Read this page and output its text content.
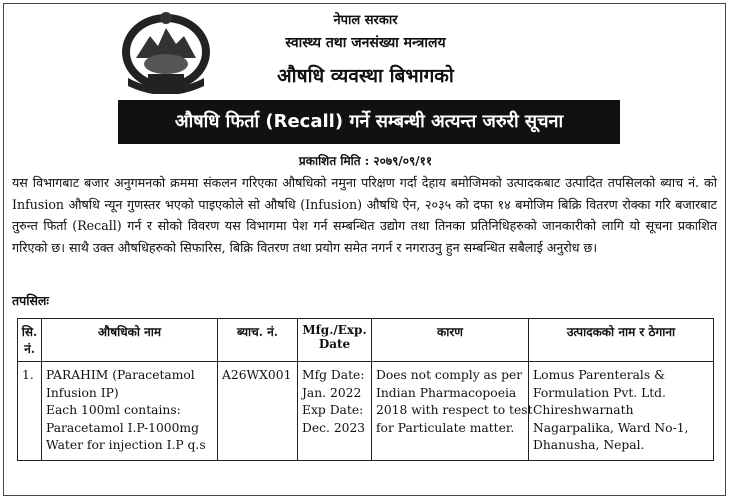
नेपाल सरकार
स्वास्थ्य तथा जनसंख्या मन्त्रालय
औषधि व्यवस्था बिभागको
औषधि फिर्ता (Recall) गर्ने सम्बन्धी अत्यन्त जरुरी सूचना
प्रकाशित मिति : २०७९/०९/११
यस विभागबाट बजार अनुगमनको क्रममा संकलन गरिएका औषधिको नमुना परिक्षण गर्दा देहाय बमोजिमको उत्पादकबाट उत्पादित तपसिलको ब्याच नं. को Infusion औषधि न्यून गुणस्तर भएको पाइएकोले सो औषधि (Infusion) औषधि ऐन, २०३५ को दफा १४ बमोजिम बिक्रि वितरण रोक्का गरि बजारबाट तुरुन्त फिर्ता (Recall) गर्न र सोको विवरण यस विभागमा पेश गर्न सम्बन्धित उद्योग तथा तिनका प्रतिनिधिहरुको जानकारीको लागि यो सूचना प्रकाशित गरिएको छ। साथै उक्त औषधिहरुको सिफारिस, बिक्रि वितरण तथा प्रयोग समेत नगर्न र नगराउनु हुन सम्बन्धित सबैलाई अनुरोध छ।
तपसिलः
सि. नं.	औषधिको नाम	ब्याच. नं.	Mfg./Exp. Date	कारण	उत्पादकको नाम र ठेगाना
1.	PARAHIM (Paracetamol
Infusion IP)
Each 100ml contains:
Paracetamol I.P-1000mg
Water for injection I.P q.s	A26WX001	Mfg Date:
Jan. 2022
Exp Date:
Dec. 2023	Does not comply as per
Indian Pharmacopoeia
2018 with respect to test
for Particulate matter.	Lomus Parenterals &
Formulation Pvt. Ltd.
Chireshwarnath
Nagarpalika, Ward No-1,
Dhanusha, Nepal.
